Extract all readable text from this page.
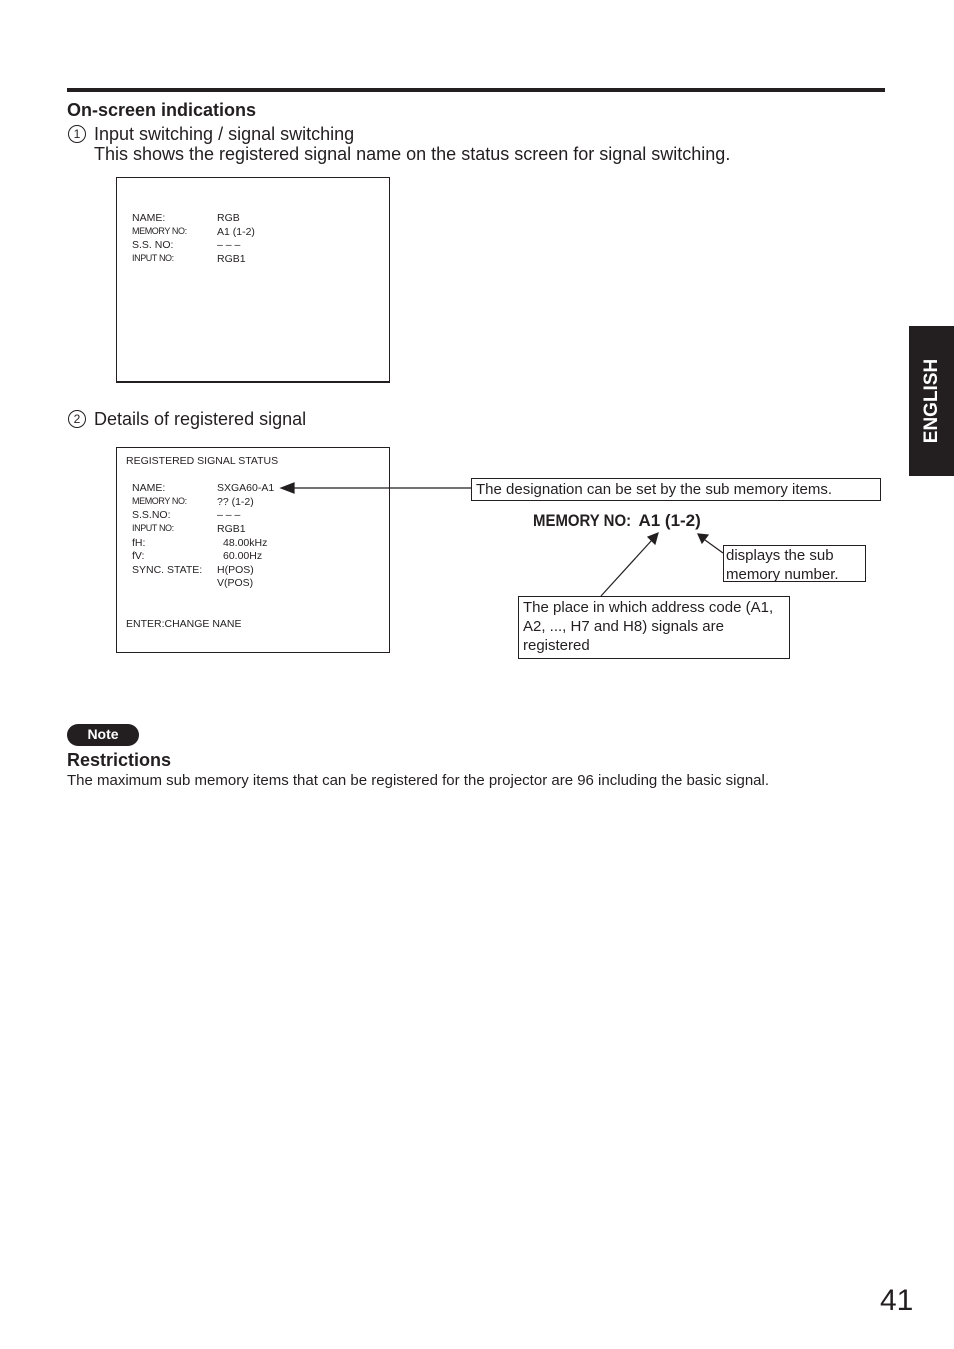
On-screen indications
1 Input switching / signal switching
This shows the registered signal name on the status screen for signal switching.
NAME:	RGB
MEMORY NO:	A1 (1-2)
S.S. NO:	– – –
INPUT NO:	RGB1
2 Details of registered signal
REGISTERED SIGNAL STATUS
NAME:	SXGA60-A1
MEMORY NO:	?? (1-2)
S.S.NO:	– – –
INPUT NO:	RGB1
fH:	48.00kHz
fV:	60.00Hz
SYNC. STATE: H(POS)
V(POS)
ENTER:CHANGE NANE
The designation can be set by the sub memory items.
MEMORY NO: A1 (1-2)
displays the sub memory number.
The place in which address code (A1, A2, ..., H7 and H8) signals are registered
ENGLISH
Note
Restrictions
The maximum sub memory items that can be registered for the projector are 96 including the basic signal.
41
